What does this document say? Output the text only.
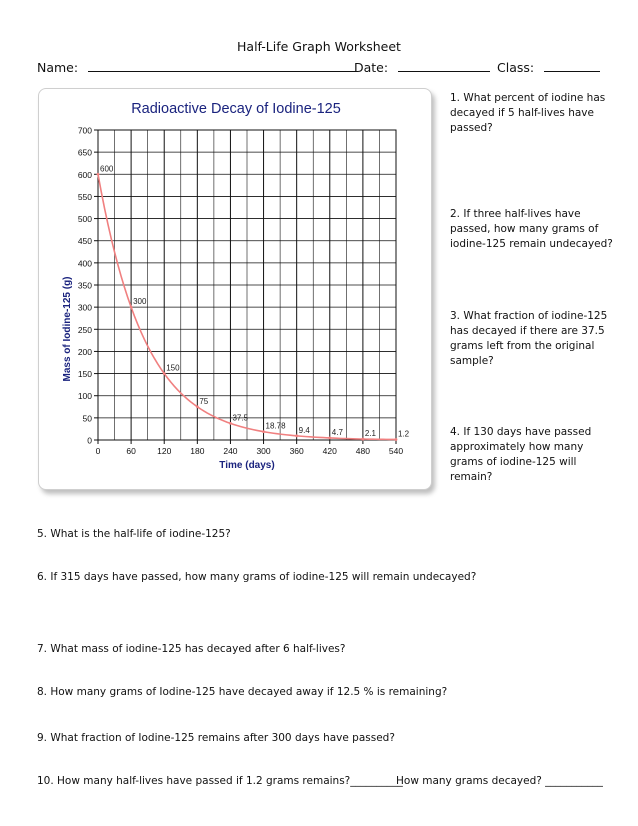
Half-Life Graph Worksheet
Name:	Date:	Class:
Radioactive Decay of Iodine-125
Time (days)
Mass of Iodine-125 (g)
0
50
100
150
200
250
300
350
400
450
500
550
600
650
700
0	60	120 180 240 300 360 420 480 540
600
300
150
75
37.5
18.78 9.4	4.7	2.1	1.2
1. What percent of iodine has decayed if 5 half-lives have passed?
2. If three half-lives have passed, how many grams of iodine-125 remain undecayed?
3. What fraction of iodine-125 has decayed if there are 37.5 grams left from the original sample?
4. If 130 days have passed approximately how many grams of iodine-125 will remain?
5. What is the half-life of iodine-125?
6. If 315 days have passed, how many grams of iodine-125 will remain undecayed?
7. What mass of iodine-125 has decayed after 6 half-lives?
8. How many grams of Iodine-125 have decayed away if 12.5 % is remaining?
9. What fraction of Iodine-125 remains after 300 days have passed?
10. How many half-lives have passed if 1.2 grams remains?__________
How many grams decayed? ___________
